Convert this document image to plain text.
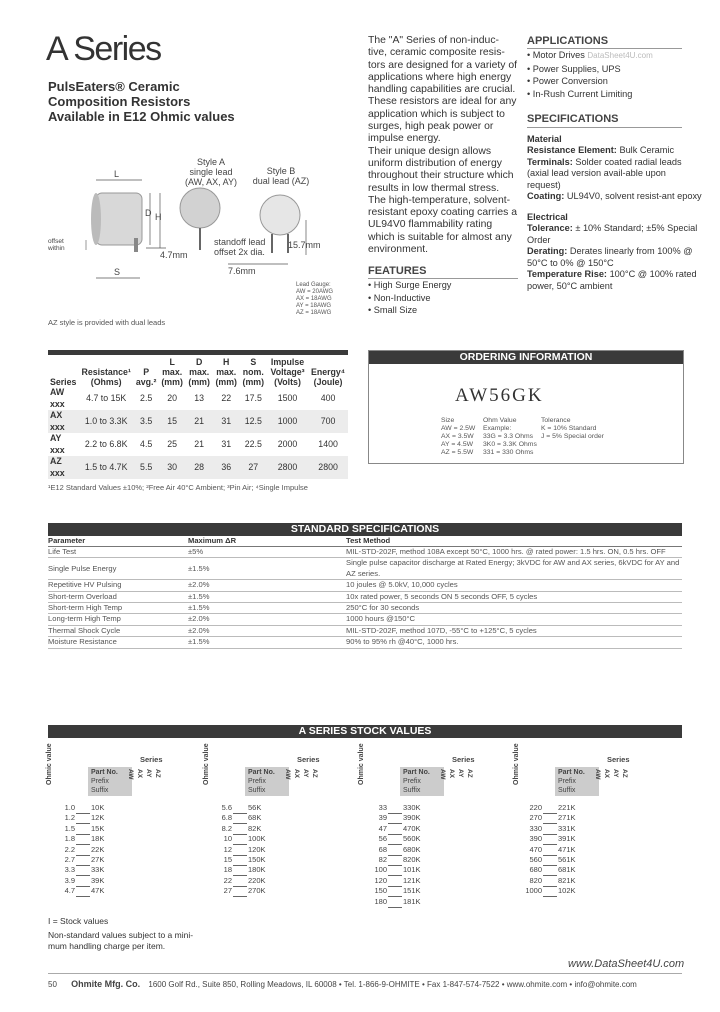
A Series
PulsEaters® Ceramic
Composition Resistors
Available in E12 Ohmic values
L
D H
S
4.7mm
offset
within
Style A
single lead
(AW, AX, AY)
Style B
dual lead (AZ)
standoff lead
offset 2x dia.
15.7mm
7.6mm
Lead Gauge:
AW = 20AWG
AX = 18AWG
AY = 18AWG
AZ = 18AWG
AZ style is provided with dual leads
The "A" Series of non-induc-tive, ceramic composite resis-tors are designed for a variety of applications where high energy handling capabilities are crucial. These resistors are ideal for any application which is subject to surges, high peak power or impulse energy.
Their unique design allows uniform distribution of energy throughout their structure which results in low thermal stress. The high-temperature, solvent-resistant epoxy coating carries a UL94V0 flammability rating which is suitable for almost any environment.
FEATURES
• High Surge Energy
• Non-Inductive
• Small Size
APPLICATIONS
• Motor Drives DataSheet4U.com
• Power Supplies, UPS
• Power Conversion
• In-Rush Current Limiting
SPECIFICATIONS
Material
Resistance Element: Bulk Ceramic
Terminals: Solder coated radial leads (axial lead version avail-able upon request)
Coating: UL94V0, solvent resist-ant epoxy
Electrical
Tolerance: ± 10% Standard; ±5% Special Order
Derating: Derates linearly from 100% @ 50°C to 0% @ 150°C
Temperature Rise: 100°C @ 100% rated power, 50°C ambient
Series	Resistance¹ (Ohms)	P avg.²	L max. (mm)	D max. (mm)	H max. (mm)	S nom. (mm)	Impulse Voltage³ (Volts)	Energy⁴ (Joule)
AW xxx	4.7 to 15K	2.5	20	13	22	17.5	1500	400
AX xxx	1.0 to 3.3K	3.5	15	21	31	12.5	1000	700
AY xxx	2.2 to 6.8K	4.5	25	21	31	22.5	2000	1400
AZ xxx	1.5 to 4.7K	5.5	30	28	36	27	2800	2800
¹E12 Standard Values ±10%; ²Free Air 40°C Ambient; ³Pin Air; ⁴Single Impulse
ORDERING INFORMATION
AW56GK
Size
AW = 2.5W
AX = 3.5W
AY = 4.5W
AZ = 5.5W
Ohm Value
Example:
33G = 3.3 Ohms
3K0 = 3.3K Ohms
331 = 330 Ohms
Tolerance
K = 10% Standard
J = 5% Special order
STANDARD SPECIFICATIONS
Parameter	Maximum ΔR	Test Method
Life Test	±5%	MIL-STD-202F, method 108A except 50°C, 1000 hrs. @ rated power: 1.5 hrs. ON, 0.5 hrs. OFF
Single Pulse Energy	±1.5%	Single pulse capacitor discharge at Rated Energy; 3kVDC for AW and AX series, 6kVDC for AY and AZ series.
Repetitive HV Pulsing	±2.0%	10 joules @ 5.0kV, 10,000 cycles
Short-term Overload	±1.5%	10x rated power, 5 seconds ON 5 seconds OFF, 5 cycles
Short-term High Temp	±1.5%	250°C for 30 seconds
Long-term High Temp	±2.0%	1000 hours @150°C
Thermal Shock Cycle	±2.0%	MIL-STD-202F, method 107D, -55°C to +125°C, 5 cycles
Moisture Resistance	±1.5%	90% to 95% rh @40°C, 1000 hrs.
A SERIES STOCK VALUES
Ohmic value	Series
Part No.
Prefix
Suffix
AW AX AY AZ
1.0		10K
1.2		12K
1.5		15K
1.8		18K
2.2		22K
2.7		27K
3.3		33K
3.9		39K
4.7		47K
Ohmic value	Series
Part No.
Prefix
Suffix
AW AX AY AZ
5.6		56K
6.8		68K
8.2		82K
10		100K
12		120K
15		150K
18		180K
22		220K
27		270K
Ohmic value	Series
Part No.
Prefix
Suffix
AW AX AY AZ
33		330K
39		390K
47		470K
56		560K
68		680K
82		820K
100		101K
120		121K
150		151K
180		181K
Ohmic value	Series
Part No.
Prefix
Suffix
AW AX AY AZ
220		221K
270		271K
330		331K
390		391K
470		471K
560		561K
680		681K
820		821K
1000		102K
I = Stock values
Non-standard values subject to a mini-mum handling charge per item.
www.DataSheet4U.com
50 Ohmite Mfg. Co. 1600 Golf Rd., Suite 850, Rolling Meadows, IL 60008 • Tel. 1-866-9-OHMITE • Fax 1-847-574-7522 • www.ohmite.com • info@ohmite.com
